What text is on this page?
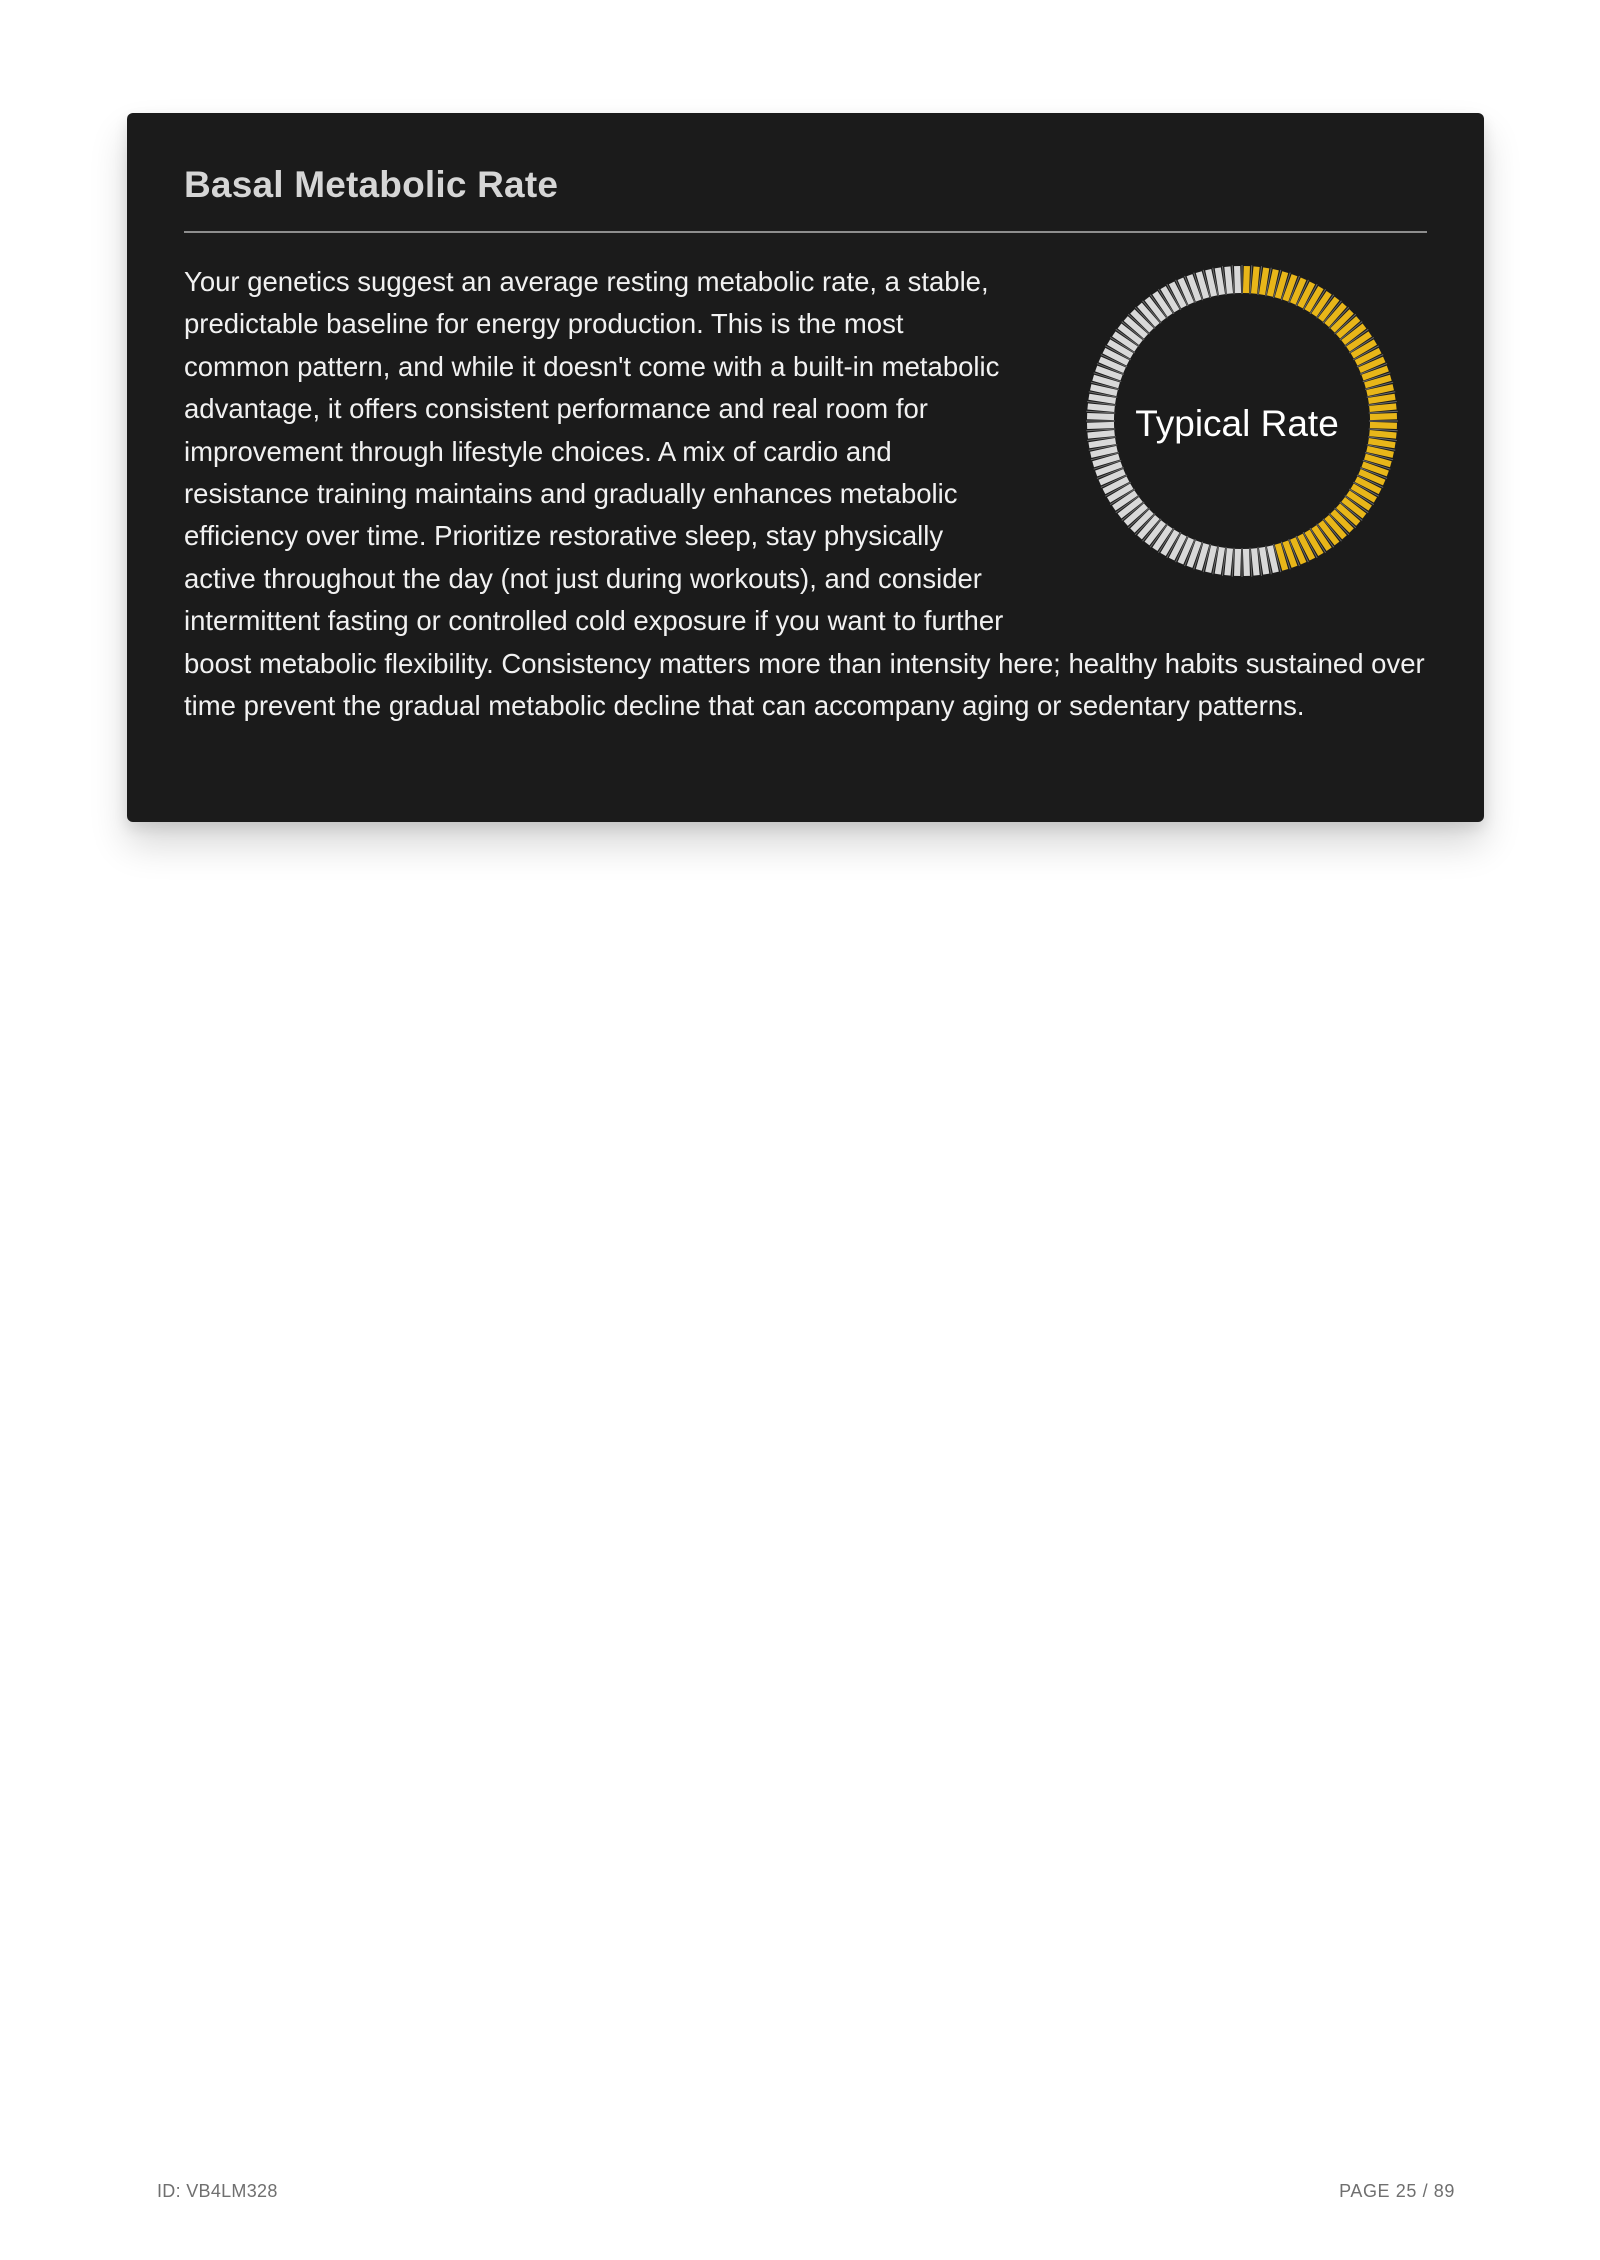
Basal Metabolic Rate

Typical Rate
Your genetics suggest an average resting metabolic rate, a stable, predictable baseline for energy production. This is the most common pattern, and while it doesn't come with a built-in metabolic advantage, it offers consistent performance and real room for improvement through lifestyle choices. A mix of cardio and resistance training maintains and gradually enhances metabolic efficiency over time. Prioritize restorative sleep, stay physically active throughout the day (not just during workouts), and consider intermittent fasting or controlled cold exposure if you want to further boost metabolic flexibility. Consistency matters more than intensity here; healthy habits sustained over time prevent the gradual metabolic decline that can accompany aging or sedentary patterns.

ID: VB4LM328	PAGE 25 / 89
